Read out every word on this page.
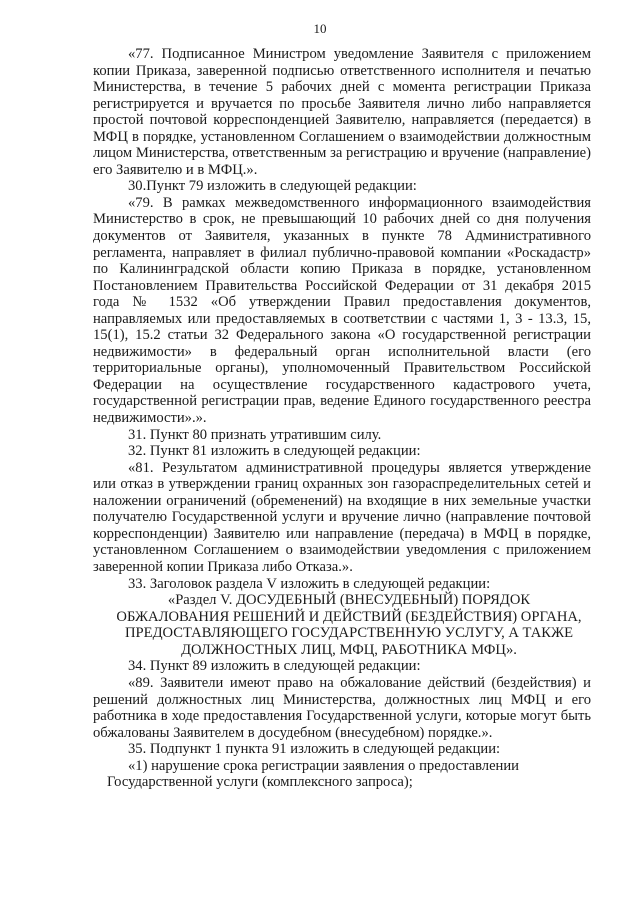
10

«77. Подписанное Министром уведомление Заявителя с приложением копии Приказа, заверенной подписью ответственного исполнителя и печатью Министерства, в течение 5 рабочих дней с момента регистрации Приказа регистрируется и вручается по просьбе Заявителя лично либо направляется простой почтовой корреспонденцией Заявителю, направляется (передается) в МФЦ в порядке, установленном Соглашением о взаимодействии должностным лицом Министерства, ответственным за регистрацию и вручение (направление) его Заявителю и в МФЦ.».

30.Пункт 79 изложить в следующей редакции:

«79. В рамках межведомственного информационного взаимодействия Министерство в срок, не превышающий 10 рабочих дней со дня получения документов от Заявителя, указанных в пункте 78 Административного регламента, направляет в филиал публично-правовой компании «Роскадастр» по Калининградской области копию Приказа в порядке, установленном Постановлением Правительства Российской Федерации от 31 декабря 2015 года № 1532 «Об утверждении Правил предоставления документов, направляемых или предоставляемых в соответствии с частями 1, 3 - 13.3, 15, 15(1), 15.2 статьи 32 Федерального закона «О государственной регистрации недвижимости» в федеральный орган исполнительной власти (его территориальные органы), уполномоченный Правительством Российской Федерации на осуществление государственного кадастрового учета, государственной регистрации прав, ведение Единого государственного реестра недвижимости».».

31. Пункт 80 признать утратившим силу.

32. Пункт 81 изложить в следующей редакции:

«81. Результатом административной процедуры является утверждение или отказ в утверждении границ охранных зон газораспределительных сетей и наложении ограничений (обременений) на входящие в них земельные участки получателю Государственной услуги и вручение лично (направление почтовой корреспонденции) Заявителю или направление (передача) в МФЦ в порядке, установленном Соглашением о взаимодействии уведомления с приложением заверенной копии Приказа либо Отказа.».

33. Заголовок раздела V изложить в следующей редакции:

«Раздел V. ДОСУДЕБНЫЙ (ВНЕСУДЕБНЫЙ) ПОРЯДОК

ОБЖАЛОВАНИЯ РЕШЕНИЙ И ДЕЙСТВИЙ (БЕЗДЕЙСТВИЯ) ОРГАНА,

ПРЕДОСТАВЛЯЮЩЕГО ГОСУДАРСТВЕННУЮ УСЛУГУ, А ТАКЖЕ

ДОЛЖНОСТНЫХ ЛИЦ, МФЦ, РАБОТНИКА МФЦ».

34. Пункт 89 изложить в следующей редакции:

«89. Заявители имеют право на обжалование действий (бездействия) и решений должностных лиц Министерства, должностных лиц МФЦ и его работника в ходе предоставления Государственной услуги, которые могут быть обжалованы Заявителем в досудебном (внесудебном) порядке.».

35. Подпункт 1 пункта 91 изложить в следующей редакции:

«1) нарушение срока регистрации заявления о предоставлении

Государственной услуги (комплексного запроса);
